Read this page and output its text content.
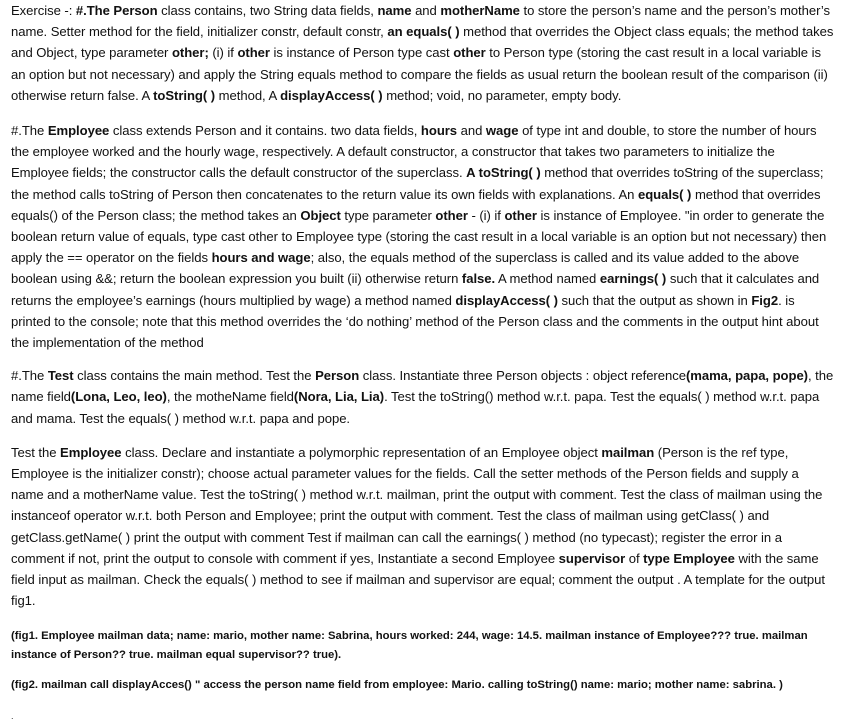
Exercise -: #.The Person class contains, two String data fields, name and motherName to store the person’s name and the person’s mother’s name. Setter method for the field, initializer constr, default constr, an equals( ) method that overrides the Object class equals; the method takes and Object, type parameter other; (i) if other is instance of Person type cast other to Person type (storing the cast result in a local variable is an option but not necessary) and apply the String equals method to compare the fields as usual return the boolean result of the comparison (ii) otherwise return false. A toString( ) method, A displayAccess( ) method; void, no parameter, empty body.

#.The Employee class extends Person and it contains. two data fields, hours and wage of type int and double, to store the number of hours the employee worked and the hourly wage, respectively. A default constructor, a constructor that takes two parameters to initialize the Employee fields; the constructor calls the default constructor of the superclass. A toString( ) method that overrides toString of the superclass; the method calls toString of Person then concatenates to the return value its own fields with explanations. An equals( ) method that overrides equals() of the Person class; the method takes an Object type parameter other - (i) if other is instance of Employee. "in order to generate the boolean return value of equals, type cast other to Employee type (storing the cast result in a local variable is an option but not necessary) then apply the == operator on the fields hours and wage; also, the equals method of the superclass is called and its value added to the above boolean using &&; return the boolean expression you built (ii) otherwise return false. A method named earnings( ) such that it calculates and returns the employee’s earnings (hours multiplied by wage) a method named displayAccess( ) such that the output as shown in Fig2. is printed to the console; note that this method overrides the ‘do nothing’ method of the Person class and the comments in the output hint about the implementation of the method

#.The Test class contains the main method. Test the Person class. Instantiate three Person objects : object reference(mama, papa, pope), the name field(Lona, Leo, leo), the motheName field(Nora, Lia, Lia). Test the toString() method w.r.t. papa. Test the equals( ) method w.r.t. papa and mama. Test the equals( ) method w.r.t. papa and pope.

Test the Employee class. Declare and instantiate a polymorphic representation of an Employee object mailman (Person is the ref type, Employee is the initializer constr); choose actual parameter values for the fields. Call the setter methods of the Person fields and supply a name and a motherName value. Test the toString( ) method w.r.t. mailman, print the output with comment. Test the class of mailman using the instanceof operator w.r.t. both Person and Employee; print the output with comment. Test the class of mailman using getClass( ) and getClass.getName( ) print the output with comment Test if mailman can call the earnings( ) method (no typecast); register the error in a comment if not, print the output to console with comment if yes, Instantiate a second Employee supervisor of type Employee with the same field input as mailman. Check the equals( ) method to see if mailman and supervisor are equal; comment the output . A template for the output fig1.

(fig1. Employee mailman data; name: mario, mother name: Sabrina, hours worked: 244, wage: 14.5. mailman instance of Employee??? true. mailman instance of Person?? true. mailman equal supervisor?? true).

(fig2. mailman call displayAcces() " access the person name field from employee: Mario. calling toString() name: mario; mother name: sabrina. )

.
